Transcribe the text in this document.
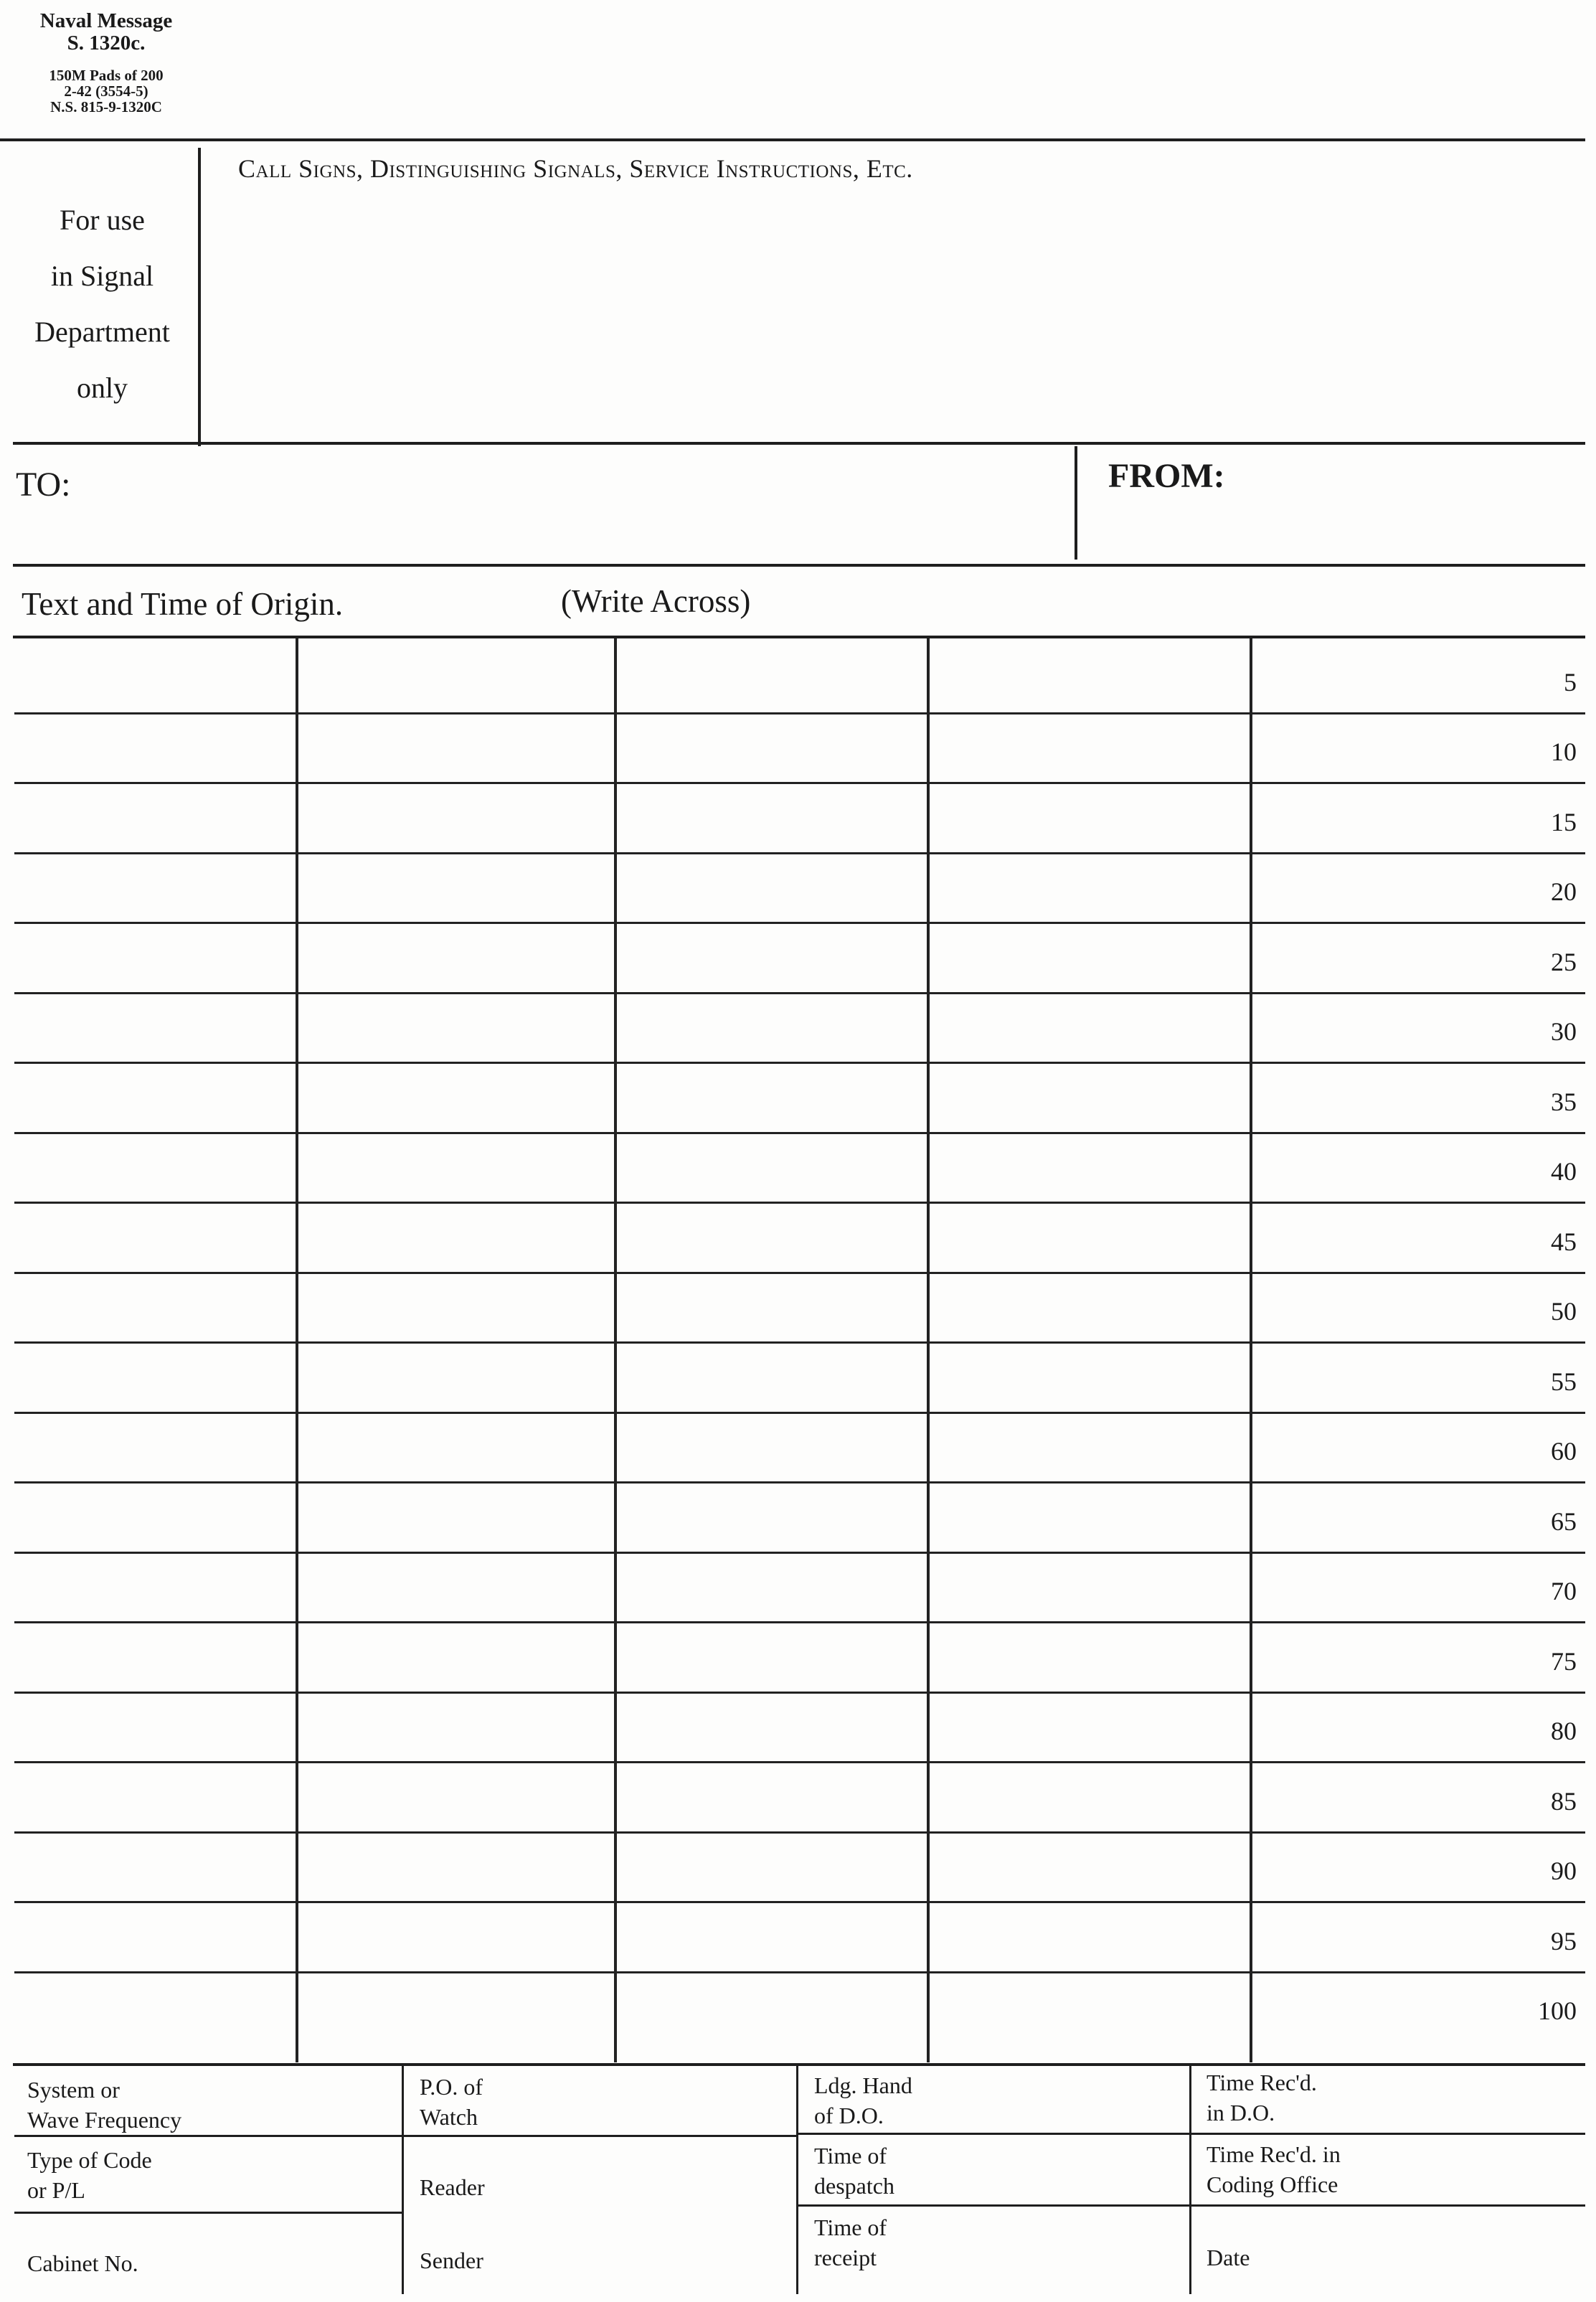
Naval Message
S. 1320c.
150M Pads of 200
2-42 (3554-5)
N.S. 815-9-1320C
For use
in Signal
Department
only
Call Signs, Distinguishing Signals, Service Instructions, Etc.
TO:	FROM:
Text and Time of Origin.	(Write Across)
5
10
15
20
25
30
35
40
45
50
55
60
65
70
75
80
85
90
95
100
System or
Wave Frequency
Type of Code
or P/L
Cabinet No.
P.O. of
Watch
Reader
Sender
Ldg. Hand
of D.O.
Time of
despatch
Time of
receipt
Time Rec'd.
in D.O.
Time Rec'd. in
Coding Office
Date
